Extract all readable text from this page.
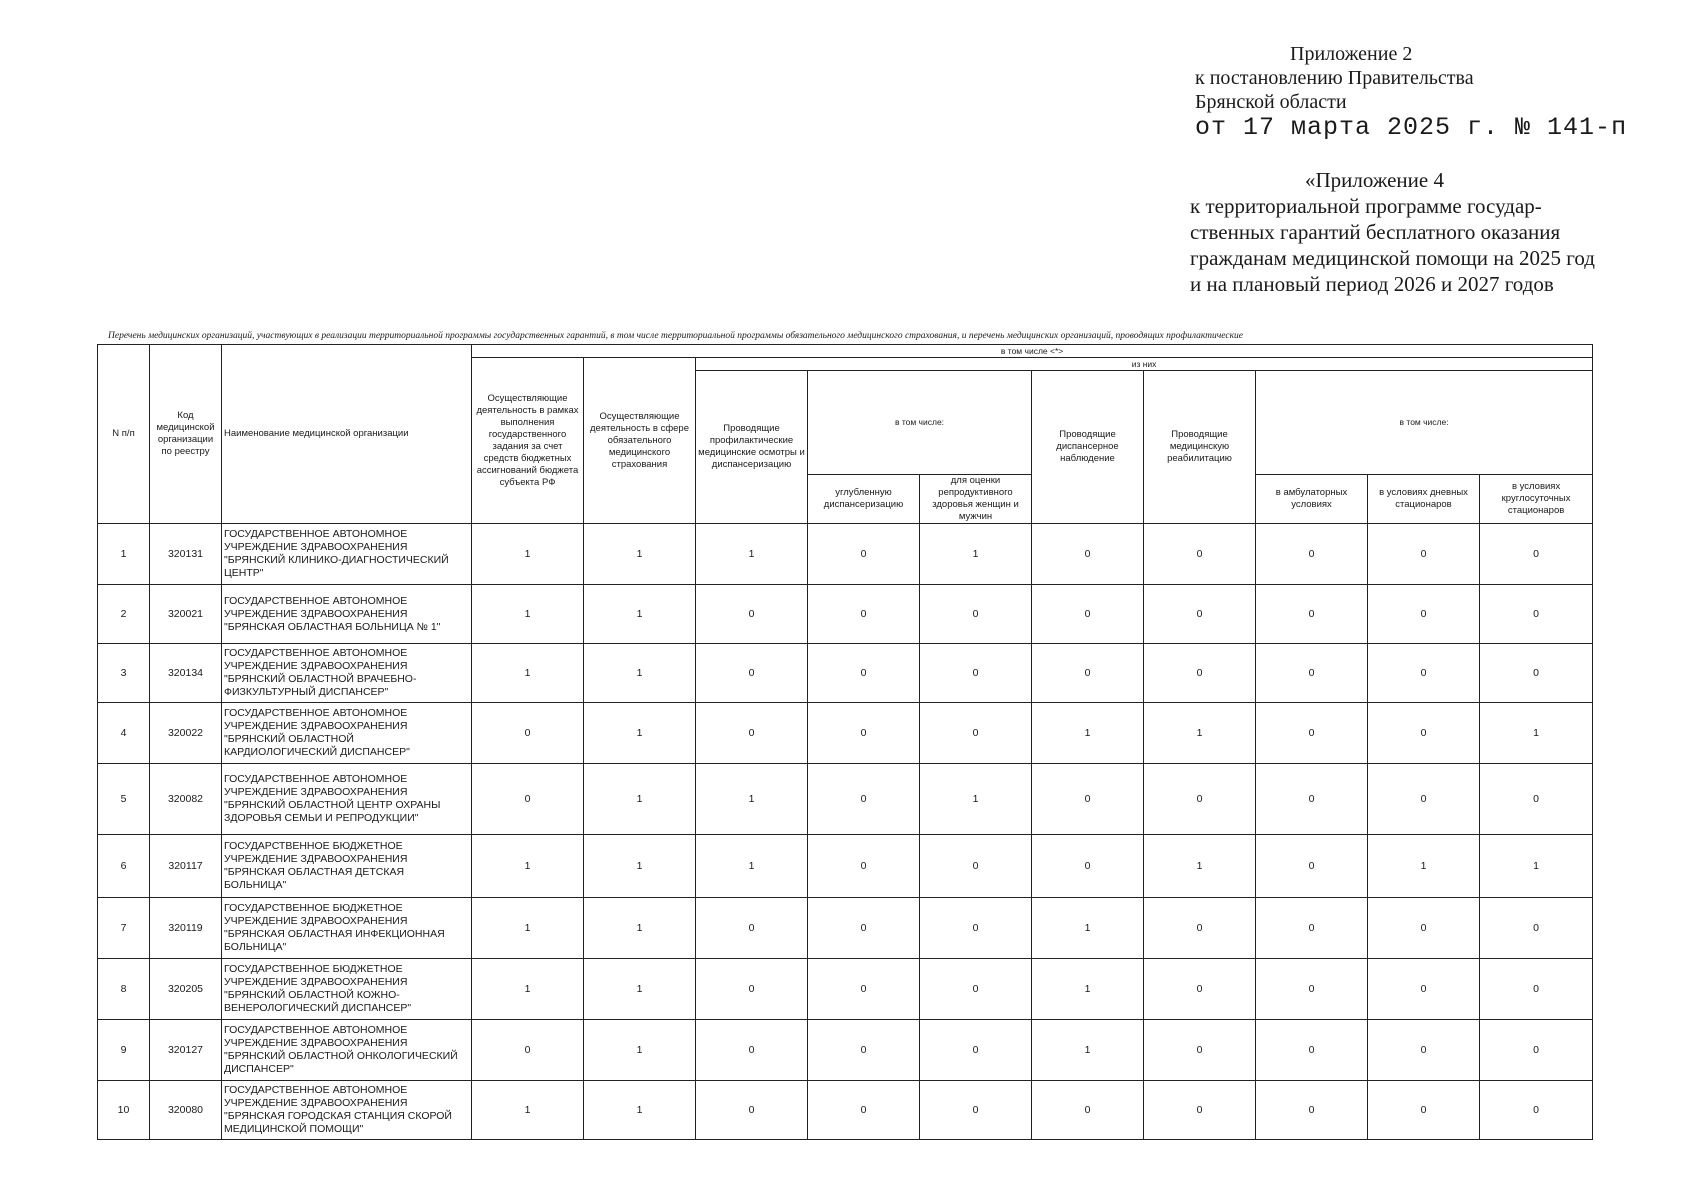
Приложение 2
к постановлению Правительства
Брянской области
от 17 марта 2025 г. № 141-п
«Приложение 4
к территориальной программе государ-
ственных гарантий бесплатного оказания
гражданам медицинской помощи на 2025 год
и на плановый период 2026 и 2027 годов
Перечень медицинских организаций, участвующих в реализации территориальной программы государственных гарантий, в том числе территориальной программы обязательного медицинского страхования, и перечень медицинских организаций, проводящих профилактические
N п/п	Код медицинской организации по реестру	Наименование медицинской организации	в том числе <*>									
			Осуществляющие деятельность в рамках выполнения государственного задания за счет средств бюджетных ассигнований бюджета субъекта РФ	Осуществляющие деятельность в сфере обязательного медицинского страхования	из них							
					Проводящие профилактические медицинские осмотры и диспансеризацию	в том числе:		Проводящие диспансерное наблюдение	Проводящие медицинскую реабилитацию	в том числе:		
						углубленную диспансеризацию	для оценки репродуктивного здоровья женщин и мужчин			в амбулаторных условиях	в условиях дневных стационаров	в условиях круглосуточных стационаров
1	320131	ГОСУДАРСТВЕННОЕ АВТОНОМНОЕ УЧРЕЖДЕНИЕ ЗДРАВООХРАНЕНИЯ "БРЯНСКИЙ КЛИНИКО-ДИАГНОСТИЧЕСКИЙ ЦЕНТР"	1	1	1	0	1	0	0	0	0	0
2	320021	ГОСУДАРСТВЕННОЕ АВТОНОМНОЕ УЧРЕЖДЕНИЕ ЗДРАВООХРАНЕНИЯ "БРЯНСКАЯ ОБЛАСТНАЯ БОЛЬНИЦА № 1"	1	1	0	0	0	0	0	0	0	0
3	320134	ГОСУДАРСТВЕННОЕ АВТОНОМНОЕ УЧРЕЖДЕНИЕ ЗДРАВООХРАНЕНИЯ "БРЯНСКИЙ ОБЛАСТНОЙ ВРАЧЕБНО-ФИЗКУЛЬТУРНЫЙ ДИСПАНСЕР"	1	1	0	0	0	0	0	0	0	0
4	320022	ГОСУДАРСТВЕННОЕ АВТОНОМНОЕ УЧРЕЖДЕНИЕ ЗДРАВООХРАНЕНИЯ "БРЯНСКИЙ ОБЛАСТНОЙ КАРДИОЛОГИЧЕСКИЙ ДИСПАНСЕР"	0	1	0	0	0	1	1	0	0	1
5	320082	ГОСУДАРСТВЕННОЕ АВТОНОМНОЕ УЧРЕЖДЕНИЕ ЗДРАВООХРАНЕНИЯ "БРЯНСКИЙ ОБЛАСТНОЙ ЦЕНТР ОХРАНЫ ЗДОРОВЬЯ СЕМЬИ И РЕПРОДУКЦИИ"	0	1	1	0	1	0	0	0	0	0
6	320117	ГОСУДАРСТВЕННОЕ БЮДЖЕТНОЕ УЧРЕЖДЕНИЕ ЗДРАВООХРАНЕНИЯ "БРЯНСКАЯ ОБЛАСТНАЯ ДЕТСКАЯ БОЛЬНИЦА"	1	1	1	0	0	0	1	0	1	1
7	320119	ГОСУДАРСТВЕННОЕ БЮДЖЕТНОЕ УЧРЕЖДЕНИЕ ЗДРАВООХРАНЕНИЯ "БРЯНСКАЯ ОБЛАСТНАЯ ИНФЕКЦИОННАЯ БОЛЬНИЦА"	1	1	0	0	0	1	0	0	0	0
8	320205	ГОСУДАРСТВЕННОЕ БЮДЖЕТНОЕ УЧРЕЖДЕНИЕ ЗДРАВООХРАНЕНИЯ "БРЯНСКИЙ ОБЛАСТНОЙ КОЖНО-ВЕНЕРОЛОГИЧЕСКИЙ ДИСПАНСЕР"	1	1	0	0	0	1	0	0	0	0
9	320127	ГОСУДАРСТВЕННОЕ АВТОНОМНОЕ УЧРЕЖДЕНИЕ ЗДРАВООХРАНЕНИЯ "БРЯНСКИЙ ОБЛАСТНОЙ ОНКОЛОГИЧЕСКИЙ ДИСПАНСЕР"	0	1	0	0	0	1	0	0	0	0
10	320080	ГОСУДАРСТВЕННОЕ АВТОНОМНОЕ УЧРЕЖДЕНИЕ ЗДРАВООХРАНЕНИЯ "БРЯНСКАЯ ГОРОДСКАЯ СТАНЦИЯ СКОРОЙ МЕДИЦИНСКОЙ ПОМОЩИ"	1	1	0	0	0	0	0	0	0	0
